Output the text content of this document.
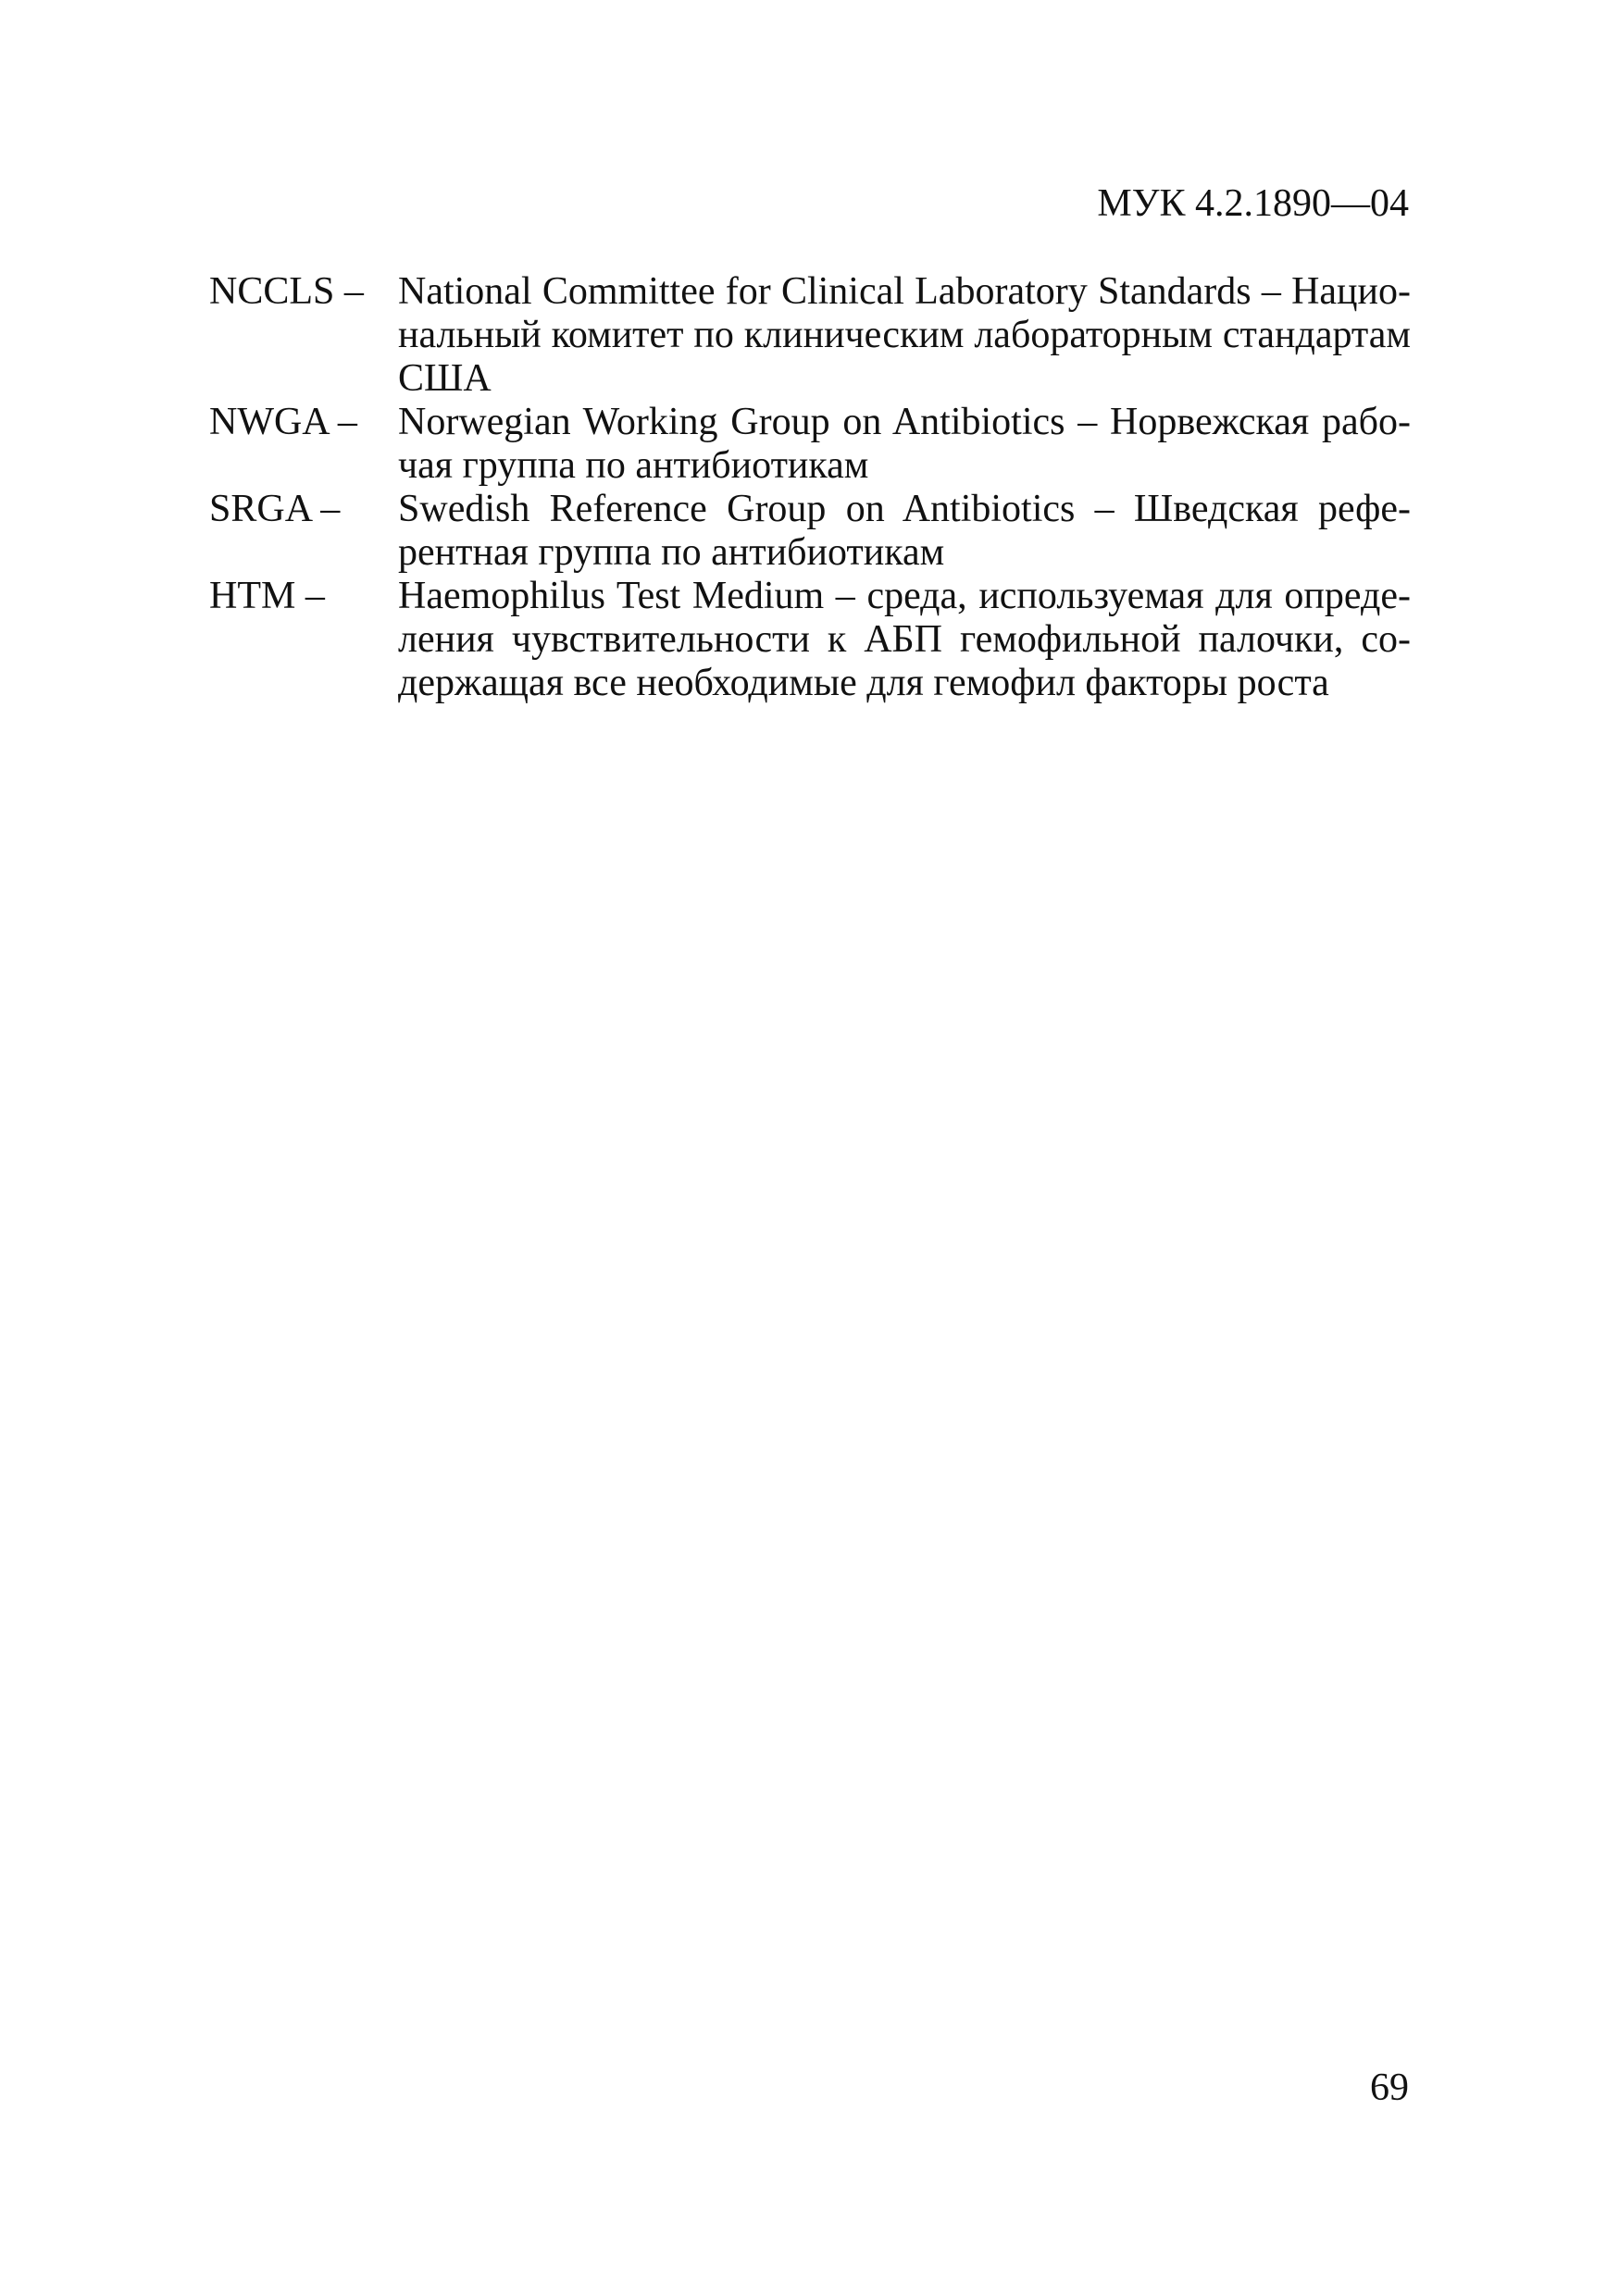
МУК 4.2.1890—04
NCCLS – National Committee for Clinical Laboratory Standards – Нацио-
нальный комитет по клиническим лабораторным стандартам
США
NWGA –	Norwegian Working Group on Antibiotics – Норвежская рабо-
чая группа по антибиотикам
SRGA –	Swedish Reference Group on Antibiotics – Шведская рефе-
рентная группа по антибиотикам
HTM –	Haemophilus Test Medium – среда, используемая для опреде-
ления чувствительности к АБП гемофильной палочки, со-
держащая все необходимые для гемофил факторы роста
69
